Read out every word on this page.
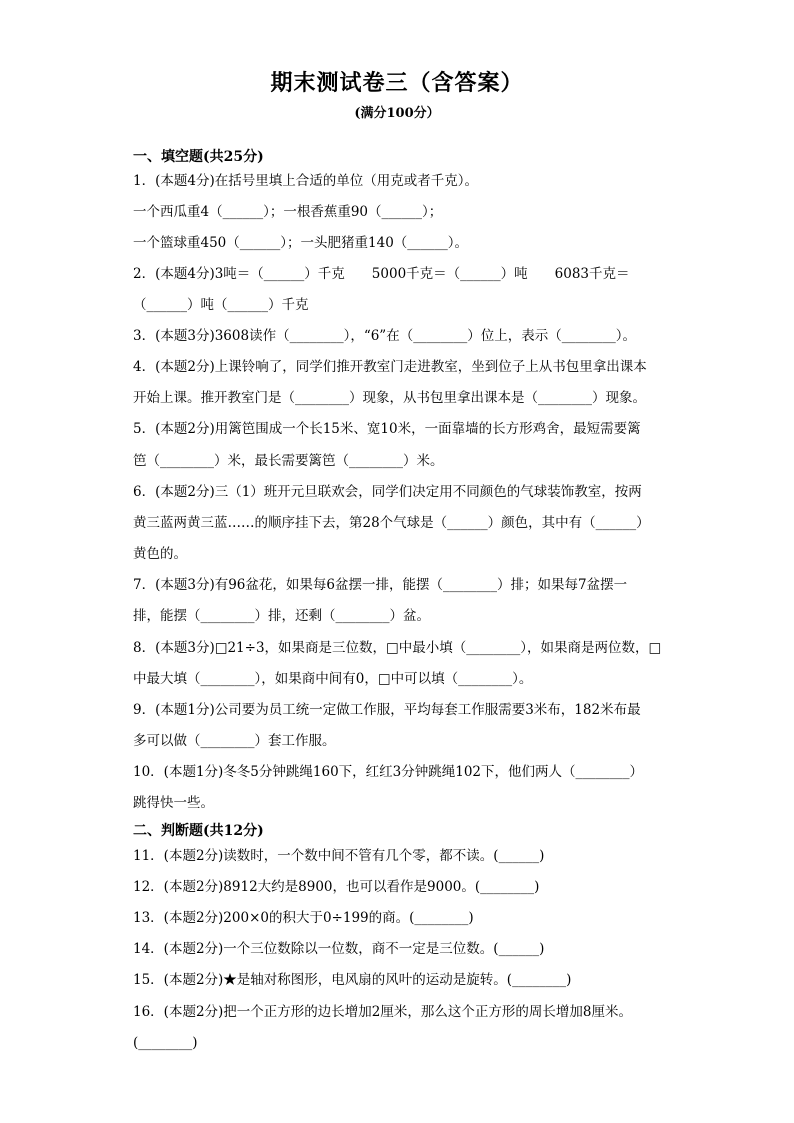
期末测试卷三（含答案）
(满分100分）
一、填空题(共25分)
1．(本题4分)在括号里填上合适的单位（用克或者千克）。
一个西瓜重4（______）；一根香蕉重90（______）；
一个篮球重450（______）；一头肥猪重140（______）。
2．(本题4分)3吨＝（______）千克　　5000千克＝（______）吨　　6083千克＝
（______）吨（______）千克
3．(本题3分)3608读作（________），“6”在（________）位上，表示（________）。
4．(本题2分)上课铃响了，同学们推开教室门走进教室，坐到位子上从书包里拿出课本
开始上课。推开教室门是（________）现象，从书包里拿出课本是（________）现象。
5．(本题2分)用篱笆围成一个长15米、宽10米，一面靠墙的长方形鸡舍，最短需要篱
笆（________）米，最长需要篱笆（________）米。
6．(本题2分)三（1）班开元旦联欢会，同学们决定用不同颜色的气球装饰教室，按两
黄三蓝两黄三蓝……的顺序挂下去，第28个气球是（______）颜色，其中有（______）
黄色的。
7．(本题3分)有96盆花，如果每6盆摆一排，能摆（________）排；如果每7盆摆一
排，能摆（________）排，还剩（________）盆。
8．(本题3分)□21÷3，如果商是三位数，□中最小填（________），如果商是两位数，□
中最大填（________），如果商中间有0，□中可以填（________）。
9．(本题1分)公司要为员工统一定做工作服，平均每套工作服需要3米布，182米布最
多可以做（________）套工作服。
10．(本题1分)冬冬5分钟跳绳160下，红红3分钟跳绳102下，他们两人（________）
跳得快一些。
二、判断题(共12分)
11．(本题2分)读数时，一个数中间不管有几个零，都不读。(______)
12．(本题2分)8912大约是8900，也可以看作是9000。(________)
13．(本题2分)200×0的积大于0÷199的商。(________)
14．(本题2分)一个三位数除以一位数，商不一定是三位数。(______)
15．(本题2分)★是轴对称图形，电风扇的风叶的运动是旋转。(________)
16．(本题2分)把一个正方形的边长增加2厘米，那么这个正方形的周长增加8厘米。
(________)
